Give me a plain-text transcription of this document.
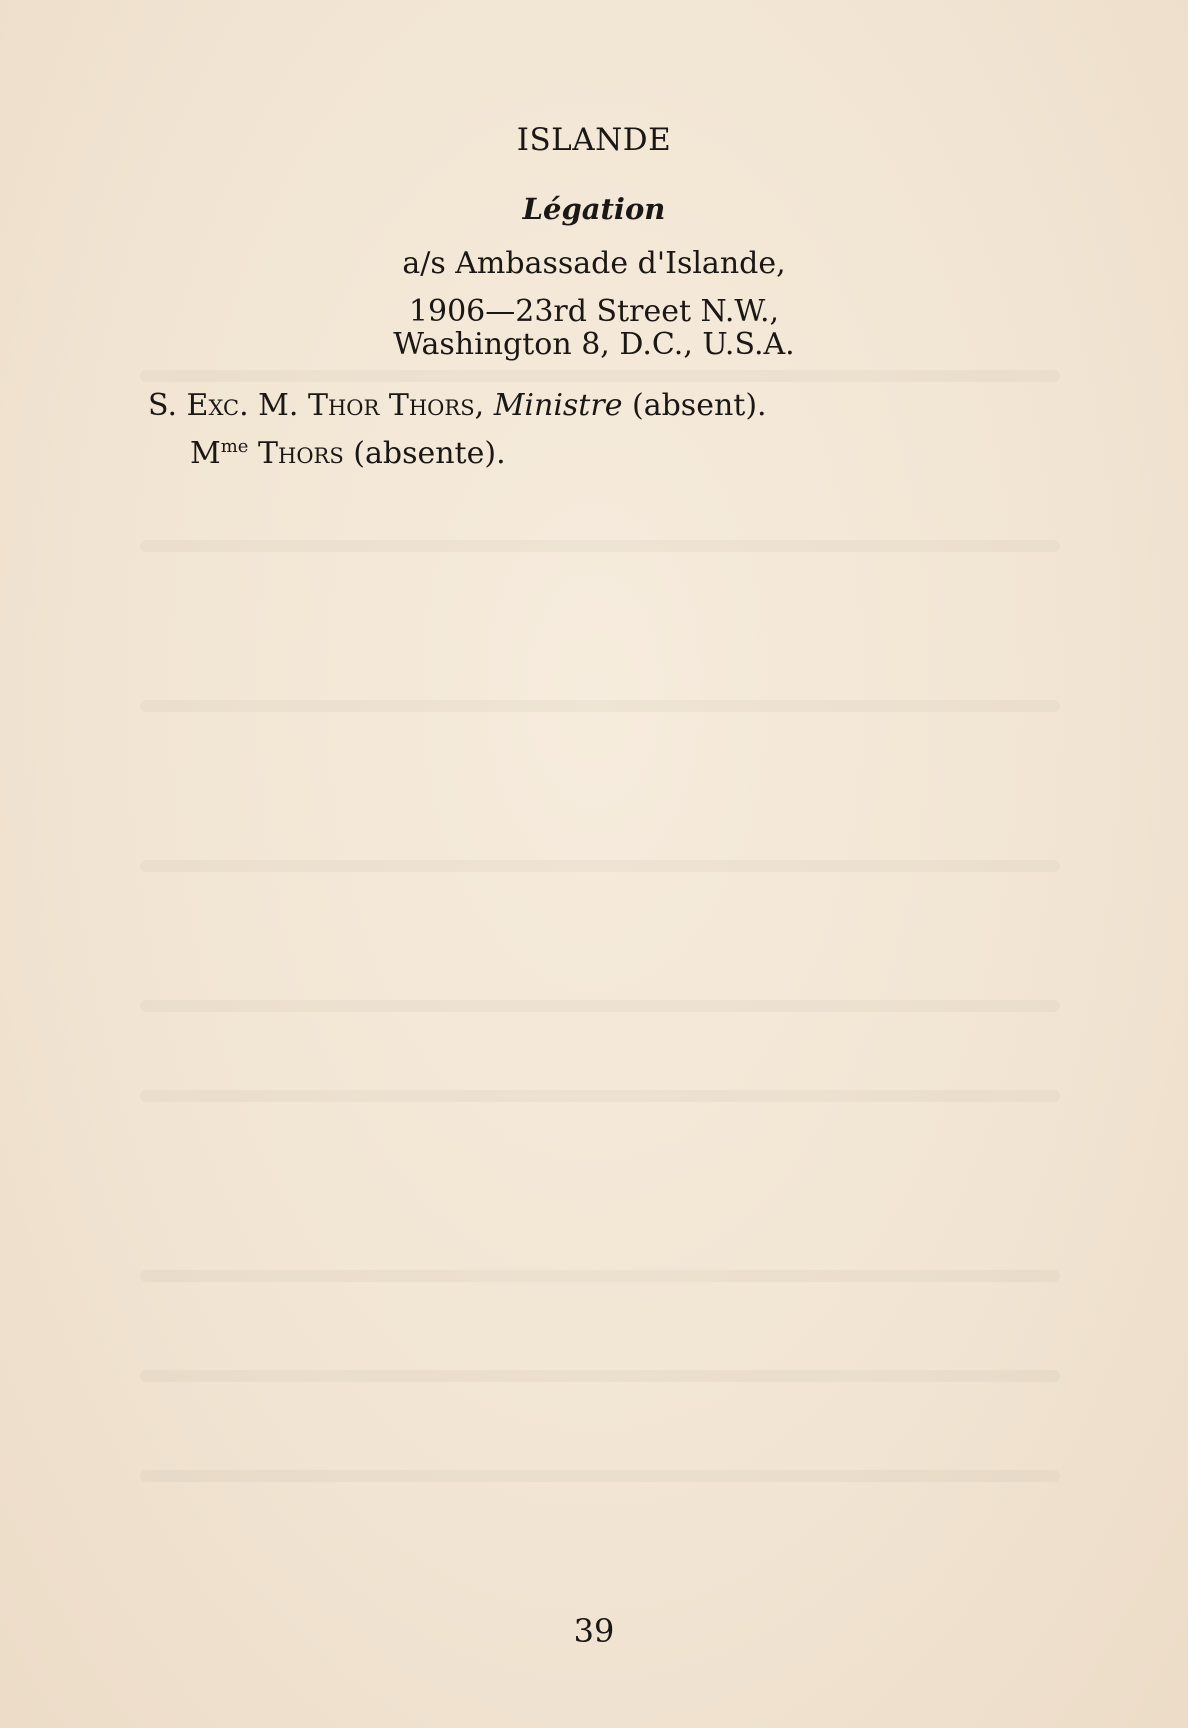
ISLANDE
Légation
a/s Ambassade d'Islande,
1906—23rd Street N.W.,
Washington 8, D.C., U.S.A.
S. Exc. M. Thor Thors, Ministre (absent).
$M^{me}$ Thors (absente).
39
